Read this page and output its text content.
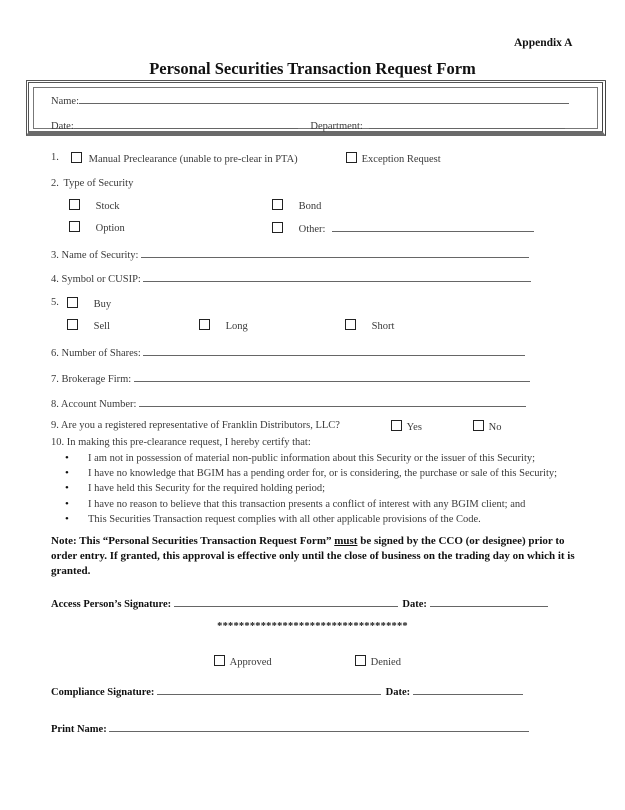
Appendix A
Personal Securities Transaction Request Form
Name:
Date:	Department:
1.	Manual Preclearance (unable to pre-clear in PTA)	Exception Request
2. Type of Security
Stock	Bond
Option	Other:
3. Name of Security:
4. Symbol or CUSIP:
5.	Buy
Sell	Long	Short
6. Number of Shares:
7. Brokerage Firm:
8. Account Number:
9. Are you a registered representative of Franklin Distributors, LLC?	Yes	No
10. In making this pre-clearance request, I hereby certify that:
• I am not in possession of material non-public information about this Security or the issuer of this Security;
• I have no knowledge that BGIM has a pending order for, or is considering, the purchase or sale of this Security;
• I have held this Security for the required holding period;
• I have no reason to believe that this transaction presents a conflict of interest with any BGIM client; and
• This Securities Transaction request complies with all other applicable provisions of the Code.
Note: This “Personal Securities Transaction Request Form” must be signed by the CCO (or designee) prior to order entry. If granted, this approval is effective only until the close of business on the trading day on which it is granted.
Access Person’s Signature:	Date:
***********************************
Approved	Denied
Compliance Signature:	Date:
Print Name:
